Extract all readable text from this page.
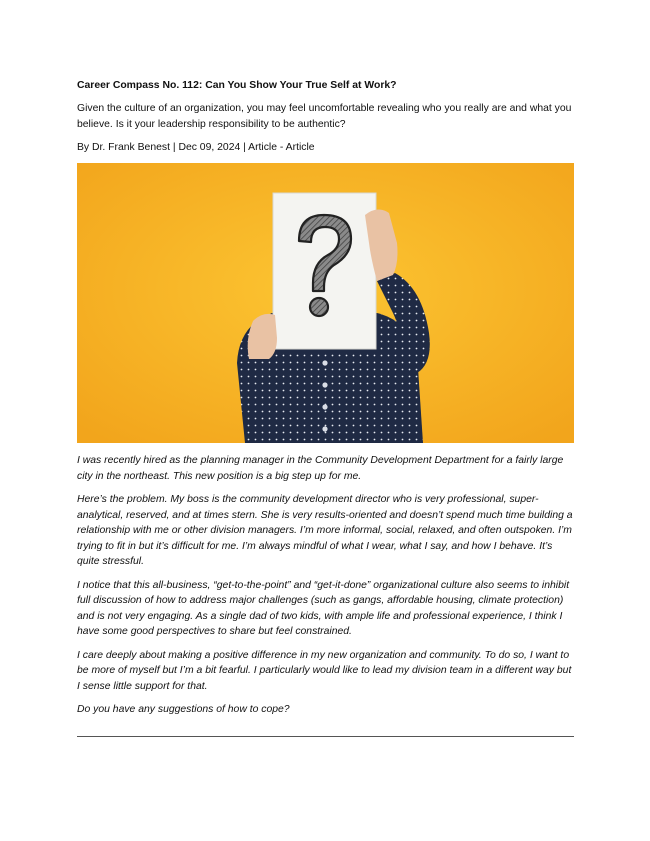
Career Compass No. 112: Can You Show Your True Self at Work?
Given the culture of an organization, you may feel uncomfortable revealing who you really are and what you believe. Is it your leadership responsibility to be authentic?
By Dr. Frank Benest | Dec 09, 2024 | Article - Article

I was recently hired as the planning manager in the Community Development Department for a fairly large city in the northeast. This new position is a big step up for me.

Here’s the problem. My boss is the community development director who is very professional, super-analytical, reserved, and at times stern. She is very results-oriented and doesn’t spend much time building a relationship with me or other division managers. I’m more informal, social, relaxed, and often outspoken. I’m trying to fit in but it’s difficult for me. I’m always mindful of what I wear, what I say, and how I behave. It’s quite stressful.

I notice that this all-business, “get-to-the-point” and “get-it-done” organizational culture also seems to inhibit full discussion of how to address major challenges (such as gangs, affordable housing, climate protection) and is not very engaging. As a single dad of two kids, with ample life and professional experience, I think I have some good perspectives to share but feel constrained.

I care deeply about making a positive difference in my new organization and community. To do so, I want to be more of myself but I’m a bit fearful. I particularly would like to lead my division team in a different way but I sense little support for that.

Do you have any suggestions of how to cope?
